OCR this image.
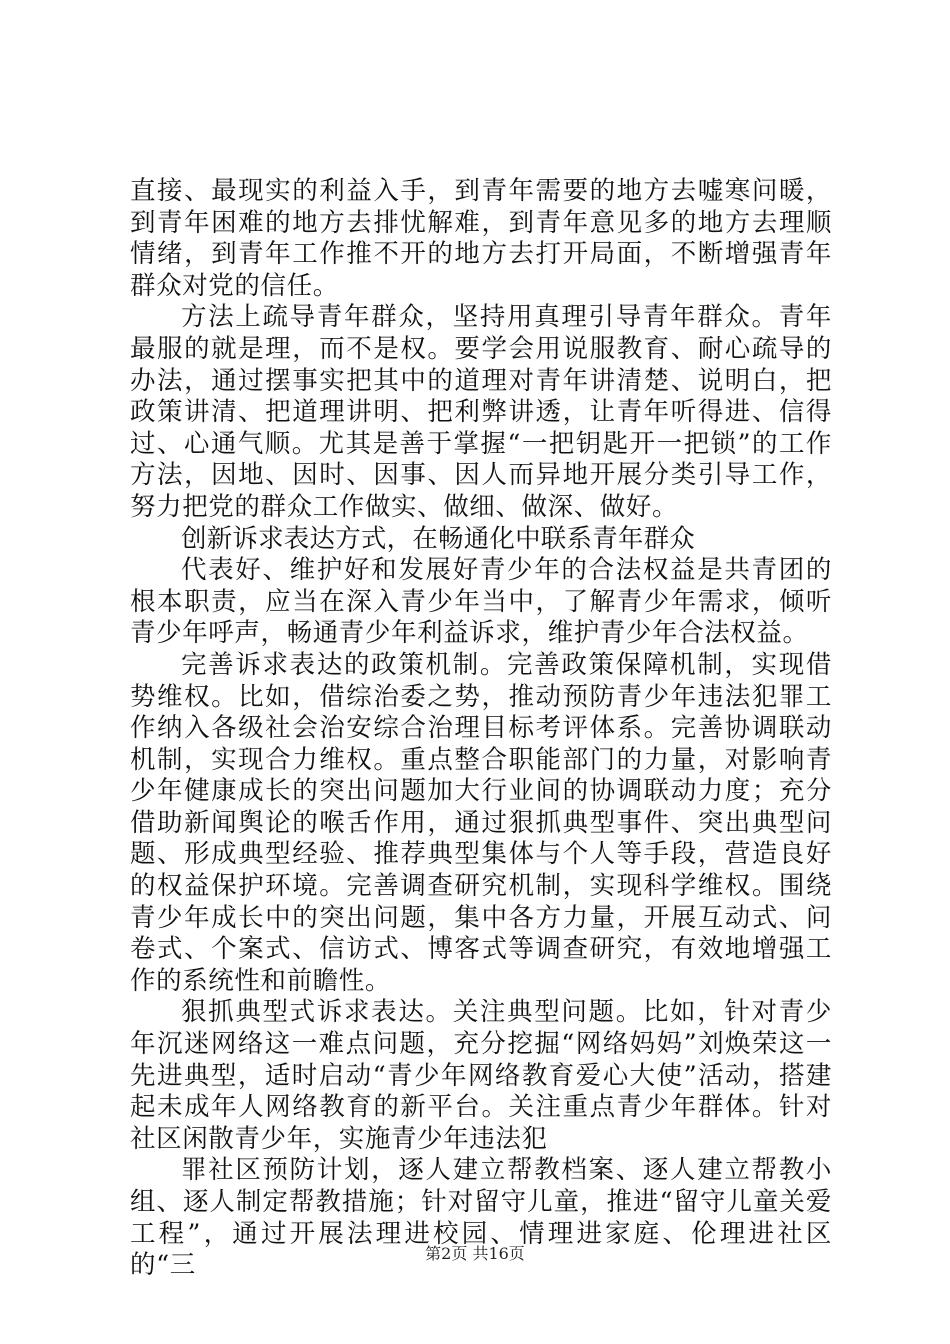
直接、最现实的利益入手，到青年需要的地方去嘘寒问暖，到青年困难的地方去排忧解难，到青年意见多的地方去理顺情绪，到青年工作推不开的地方去打开局面，不断增强青年群众对党的信任。

方法上疏导青年群众，坚持用真理引导青年群众。青年最服的就是理，而不是权。要学会用说服教育、耐心疏导的办法，通过摆事实把其中的道理对青年讲清楚、说明白，把政策讲清、把道理讲明、把利弊讲透，让青年听得进、信得过、心通气顺。尤其是善于掌握“一把钥匙开一把锁”的工作方法，因地、因时、因事、因人而异地开展分类引导工作，努力把党的群众工作做实、做细、做深、做好。

创新诉求表达方式，在畅通化中联系青年群众

代表好、维护好和发展好青少年的合法权益是共青团的根本职责，应当在深入青少年当中，了解青少年需求，倾听青少年呼声，畅通青少年利益诉求，维护青少年合法权益。

完善诉求表达的政策机制。完善政策保障机制，实现借势维权。比如，借综治委之势，推动预防青少年违法犯罪工作纳入各级社会治安综合治理目标考评体系。完善协调联动机制，实现合力维权。重点整合职能部门的力量，对影响青少年健康成长的突出问题加大行业间的协调联动力度；充分借助新闻舆论的喉舌作用，通过狠抓典型事件、突出典型问题、形成典型经验、推荐典型集体与个人等手段，营造良好的权益保护环境。完善调查研究机制，实现科学维权。围绕青少年成长中的突出问题，集中各方力量，开展互动式、问卷式、个案式、信访式、博客式等调查研究，有效地增强工作的系统性和前瞻性。

狠抓典型式诉求表达。关注典型问题。比如，针对青少年沉迷网络这一难点问题，充分挖掘“网络妈妈”刘焕荣这一先进典型，适时启动“青少年网络教育爱心大使”活动，搭建起未成年人网络教育的新平台。关注重点青少年群体。针对社区闲散青少年，实施青少年违法犯

罪社区预防计划，逐人建立帮教档案、逐人建立帮教小组、逐人制定帮教措施；针对留守儿童，推进“留守儿童关爱工程”，通过开展法理进校园、情理进家庭、伦理进社区的“三	第2页 共16页
